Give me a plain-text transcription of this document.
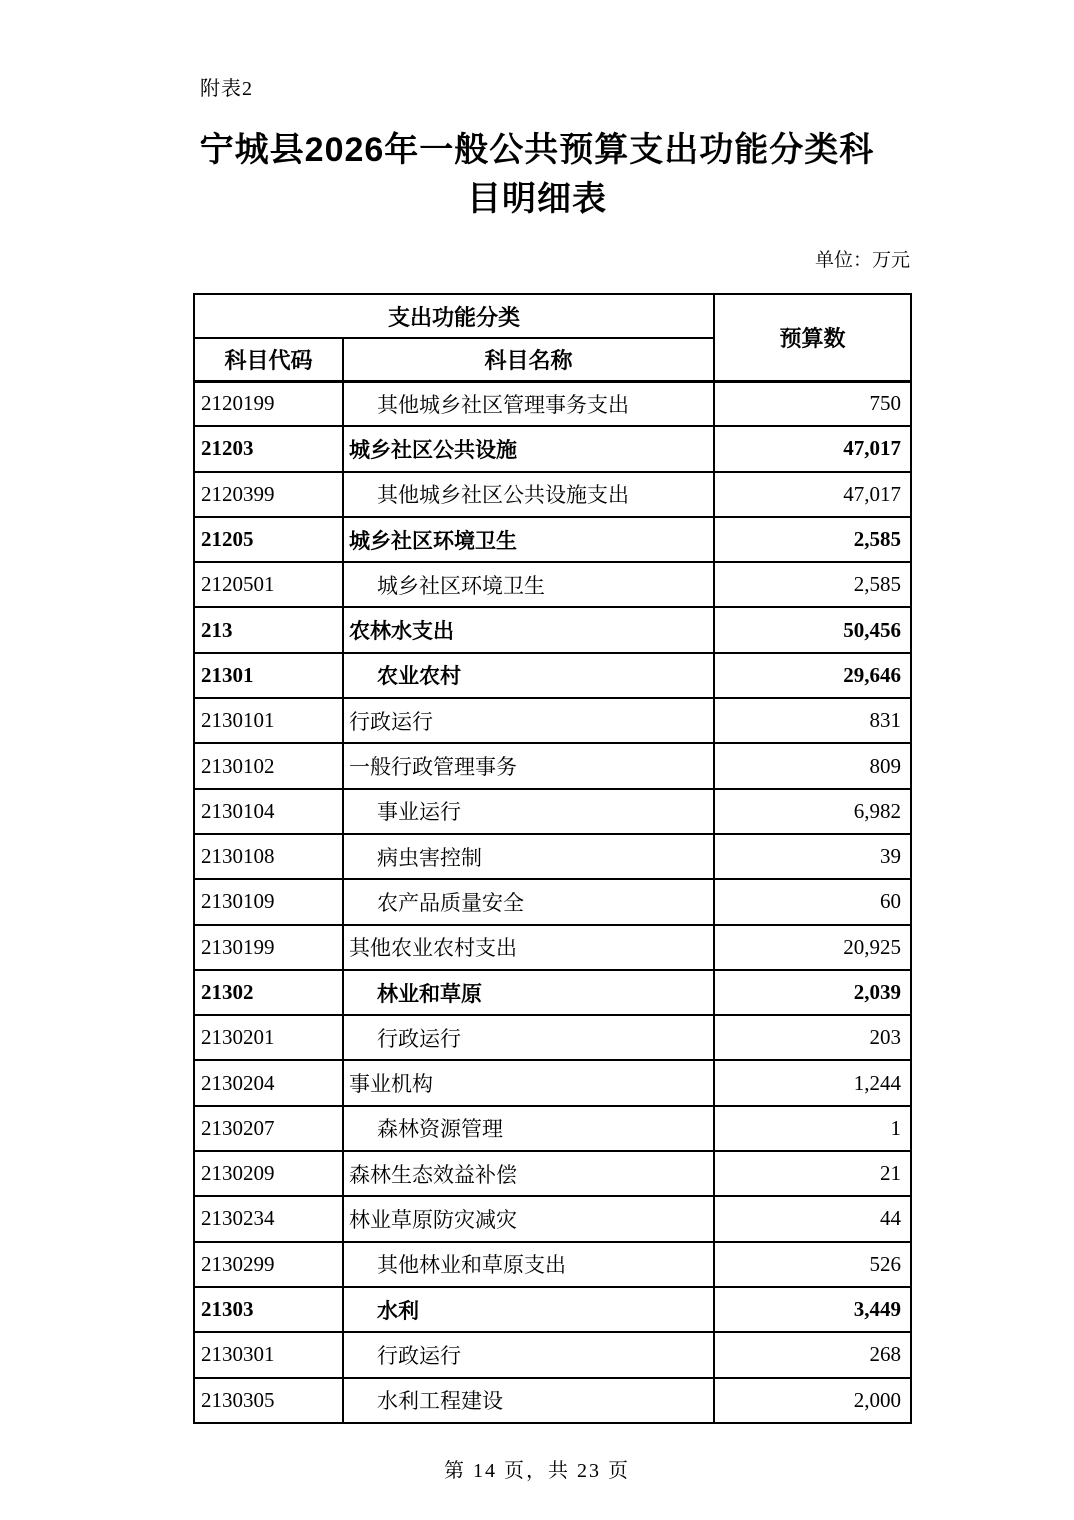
附表2
宁城县2026年一般公共预算支出功能分类科目明细表
单位：万元
支出功能分类		预算数
科目代码	科目名称	
2120199	其他城乡社区管理事务支出	750
21203	城乡社区公共设施	47,017
2120399	其他城乡社区公共设施支出	47,017
21205	城乡社区环境卫生	2,585
2120501	城乡社区环境卫生	2,585
213	农林水支出	50,456
21301	农业农村	29,646
2130101	行政运行	831
2130102	一般行政管理事务	809
2130104	事业运行	6,982
2130108	病虫害控制	39
2130109	农产品质量安全	60
2130199	其他农业农村支出	20,925
21302	林业和草原	2,039
2130201	行政运行	203
2130204	事业机构	1,244
2130207	森林资源管理	1
2130209	森林生态效益补偿	21
2130234	林业草原防灾减灾	44
2130299	其他林业和草原支出	526
21303	水利	3,449
2130301	行政运行	268
2130305	水利工程建设	2,000
第 14 页，共 23 页
